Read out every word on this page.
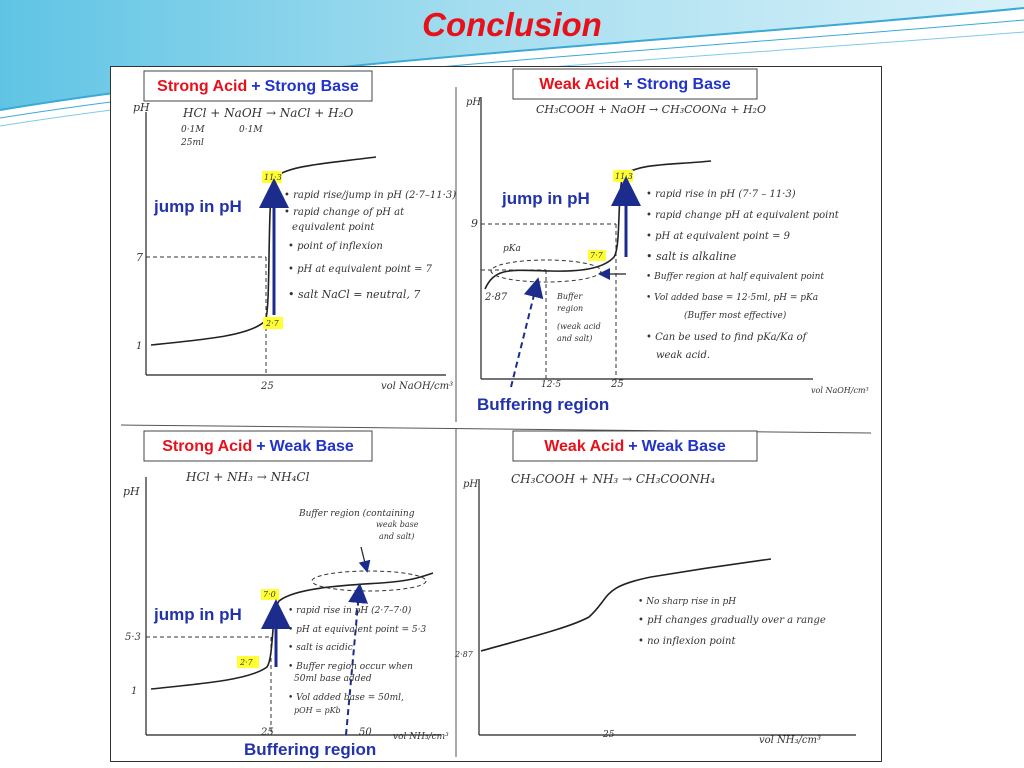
Conclusion
Strong Acid + Strong Base
HCl + NaOH → NaCl + H₂O
0·1M
25ml
0·1M
pH
vol NaOH/cm³
7
1
25
11·3
2·7
jump in pH
• rapid rise/jump in pH (2·7–11·3)
• rapid change of pH at
equivalent point
• point of inflexion
• pH at equivalent point = 7
• salt NaCl = neutral, 7
Weak Acid + Strong Base
CH₃COOH + NaOH → CH₃COONa + H₂O
pH
vol NaOH/cm³
9
2·87
pKa
12·5	25
11·3
7·7
jump in pH
Buffer
region
(weak acid
and salt)
Buffering region
• rapid rise in pH (7·7 – 11·3)
• rapid change pH at equivalent point
• pH at equivalent point = 9
• salt is alkaline
• Buffer region at half equivalent point
• Vol added base = 12·5ml, pH = pKa
(Buffer most effective)
• Can be used to find pKa/Ka of
weak acid.
Strong Acid + Weak Base
HCl + NH₃ → NH₄Cl
pH
vol NH₃/cm³
5·3
1
25	50
7·0
2·7
jump in pH
Buffer region (containing
weak base
and salt)
Buffering region
• rapid rise in pH (2·7–7·0)
• pH at equivalent point = 5·3
• salt is acidic
• Buffer region occur when
50ml base added
• Vol added base = 50ml,
pOH = pKb
Weak Acid + Weak Base
CH₃COOH + NH₃ → CH₃COONH₄
pH
vol NH₃/cm³
2·87
25
• No sharp rise in pH
• pH changes gradually over a range
• no inflexion point
